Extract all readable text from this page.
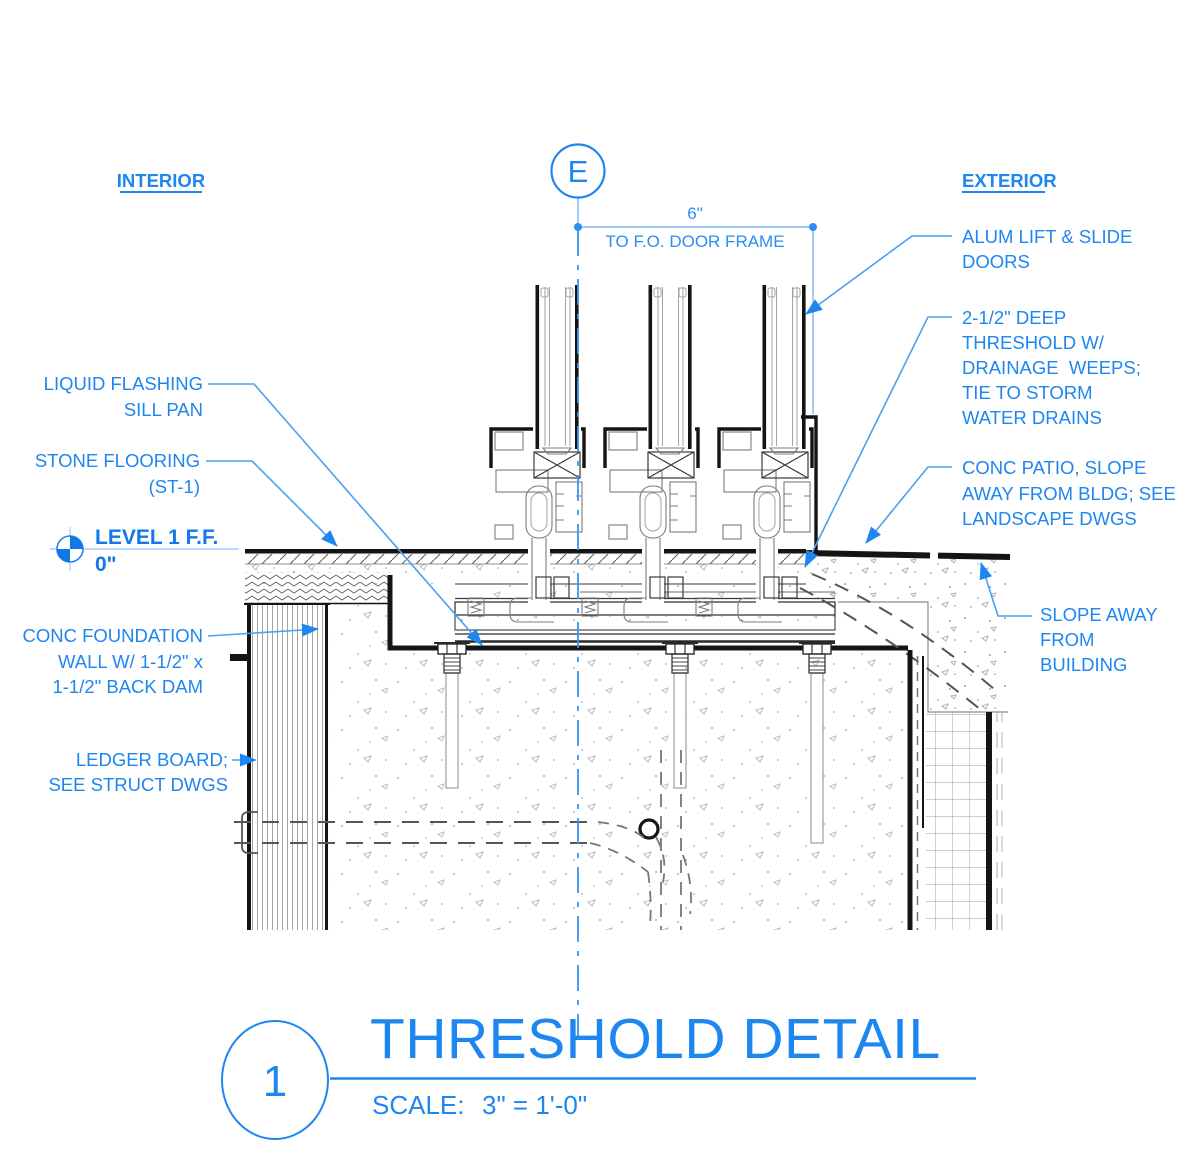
E
6"
TO F.O. DOOR FRAME
INTERIOR	EXTERIOR
LEVEL 1 F.F.
0"
LIQUID FLASHING
SILL PAN
STONE FLOORING
(ST-1)
CONC FOUNDATION
WALL W/ 1-1/2" x
1-1/2" BACK DAM
LEDGER BOARD;
SEE STRUCT DWGS
ALUM LIFT & SLIDE
DOORS
2-1/2" DEEP
THRESHOLD W/
DRAINAGE  WEEPS;
TIE TO STORM
WATER DRAINS
CONC PATIO, SLOPE
AWAY FROM BLDG; SEE
LANDSCAPE DWGS
SLOPE AWAY
FROM
BUILDING
1
THRESHOLD DETAIL
SCALE: 3" = 1'-0"
